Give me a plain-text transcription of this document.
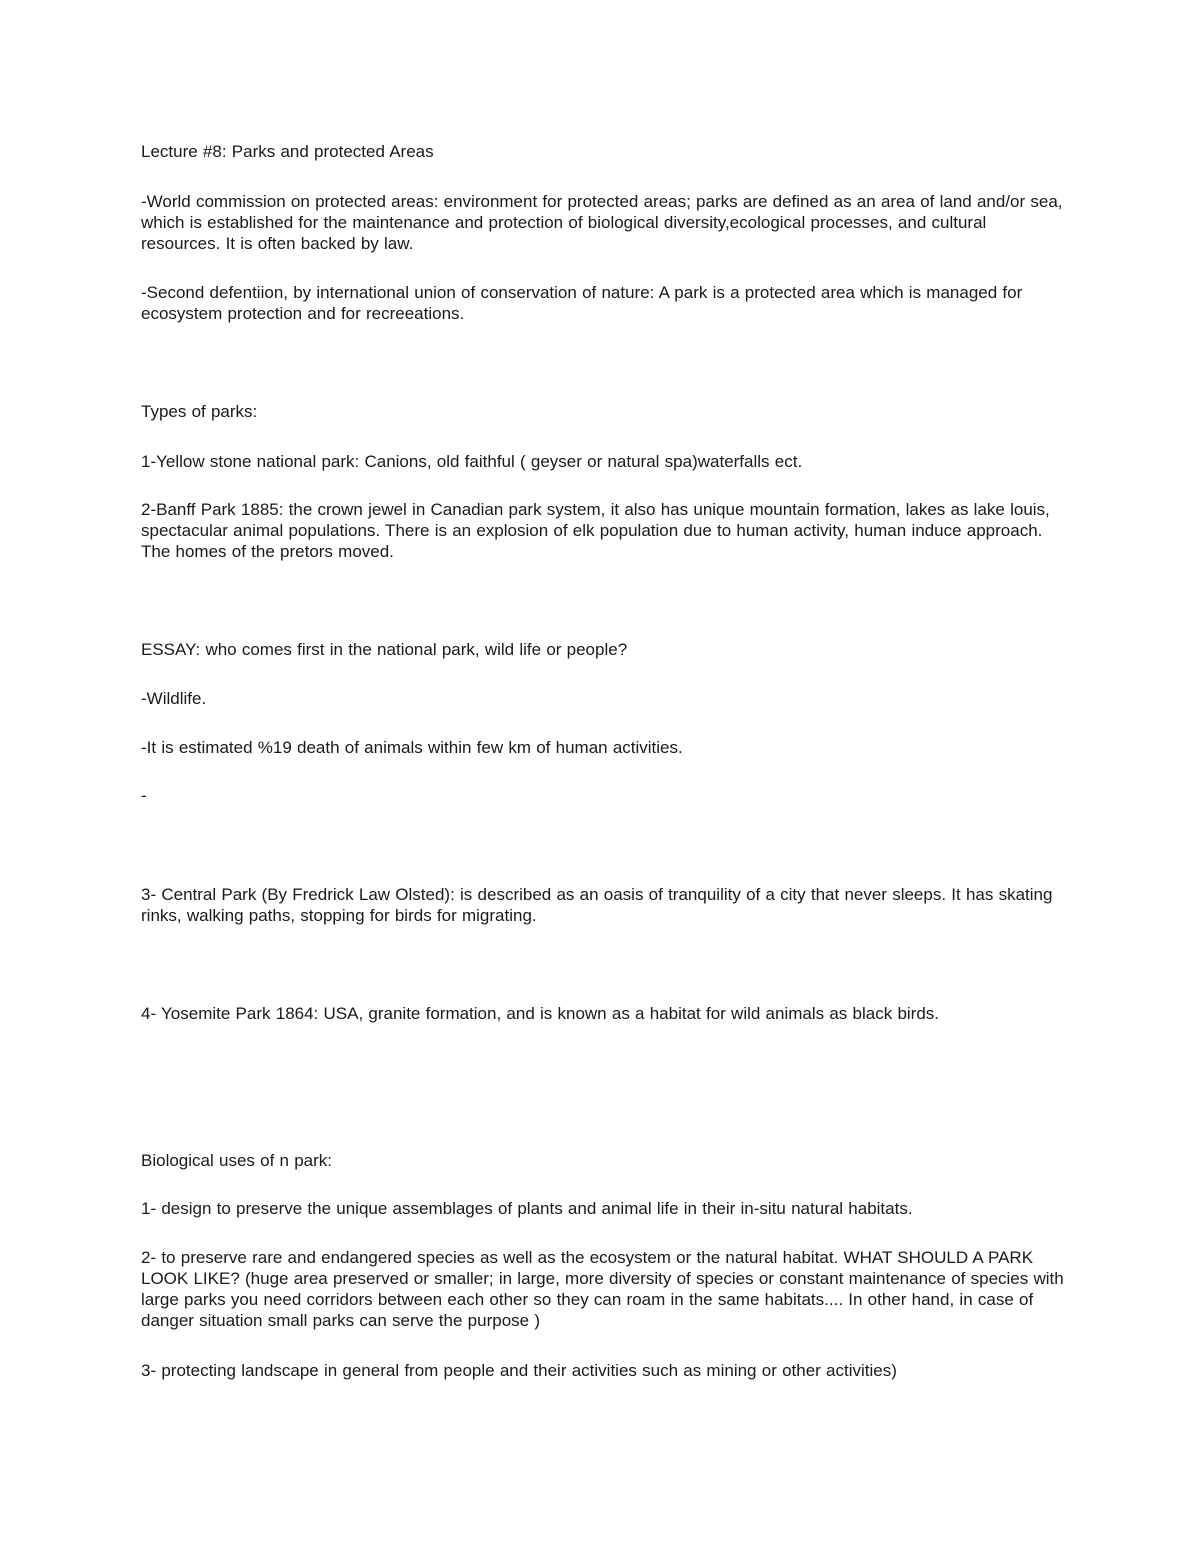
Lecture #8: Parks and protected Areas

-World commission on protected areas: environment for protected areas; parks are defined as an area of land and/or sea, which is established for the maintenance and protection of biological diversity,ecological processes, and cultural resources. It is often backed by law.

-Second defentiion, by international union of conservation of nature: A park is a protected area which is managed for ecosystem protection and for recreeations.

Types of parks:

1-Yellow stone national park: Canions, old faithful ( geyser or natural spa)waterfalls ect.

2-Banff Park 1885: the crown jewel in Canadian park system, it also has unique mountain formation, lakes as lake louis, spectacular animal populations. There is an explosion of elk population due to human activity, human induce approach. The homes of the pretors moved.

ESSAY: who comes first in the national park, wild life or people?

-Wildlife.

-It is estimated %19 death of animals within few km of human activities.

-

3- Central Park (By Fredrick Law Olsted): is described as an oasis of tranquility of a city that never sleeps. It has skating rinks, walking paths, stopping for birds for migrating.

4- Yosemite Park 1864: USA, granite formation, and is known as a habitat for wild animals as black birds.

Biological uses of n park:

1- design to preserve the unique assemblages of plants and animal life in their in-situ natural habitats.

2- to preserve rare and endangered species as well as the ecosystem or the natural habitat. WHAT SHOULD A PARK LOOK LIKE? (huge area preserved or smaller; in large, more diversity of species or constant maintenance of species with large parks you need corridors between each other so they can roam in the same habitats.... In other hand, in case of danger situation small parks can serve the purpose )

3- protecting landscape in general from people and their activities such as mining or other activities)
